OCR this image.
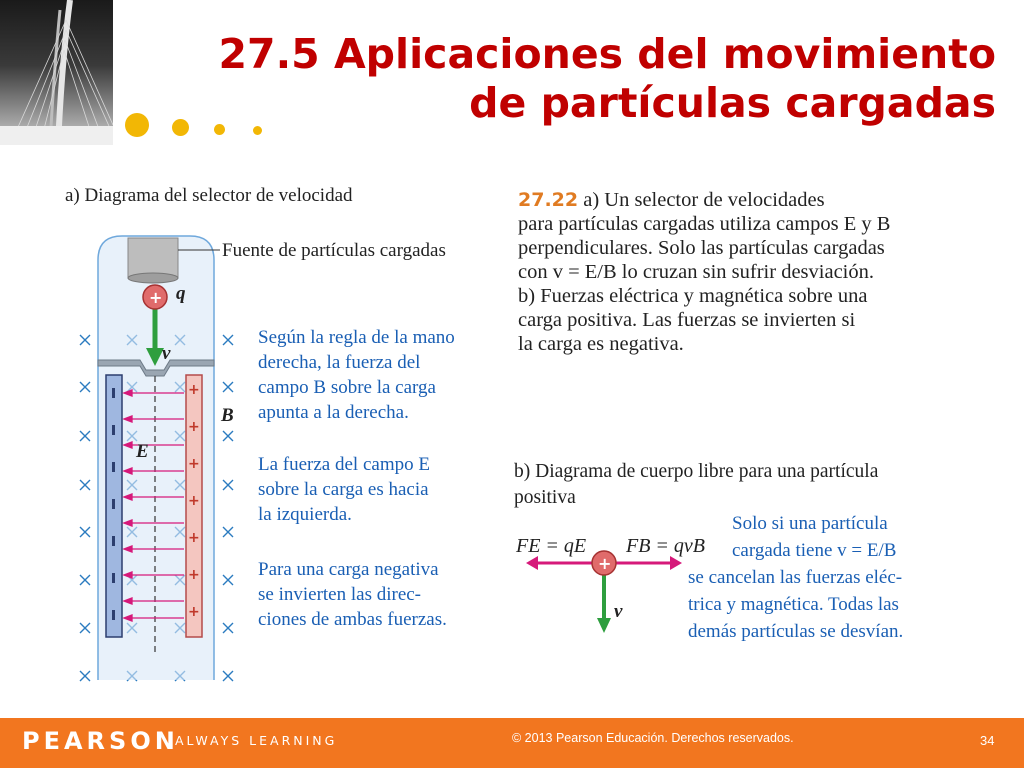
27.5 Aplicaciones del movimiento
de partículas cargadas
a) Diagrama del selector de velocidad
+
+
+
+
+
+
+
+
Fuente de partículas cargadas
q
v
B
E
Según la regla de la mano
derecha, la fuerza del
campo B sobre la carga
apunta a la derecha.
La fuerza del campo E
sobre la carga es hacia
la izquierda.
Para una carga negativa
se invierten las direc-
ciones de ambas fuerzas.
27.22 a) Un selector de velocidades
para partículas cargadas utiliza campos E y B
perpendiculares. Solo las partículas cargadas
con v = E/B lo cruzan sin sufrir desviación.
b) Fuerzas eléctrica y magnética sobre una
carga positiva. Las fuerzas se invierten si
la carga es negativa.
b) Diagrama de cuerpo libre para una partícula
positiva
+
FE = qE FB = qvB
v
Solo si una partícula
cargada tiene v = E/B
se cancelan las fuerzas eléc-
trica y magnética. Todas las
demás partículas se desvían.
PEARSON
ALWAYS LEARNING	© 2013 Pearson Educación. Derechos reservados.	34
